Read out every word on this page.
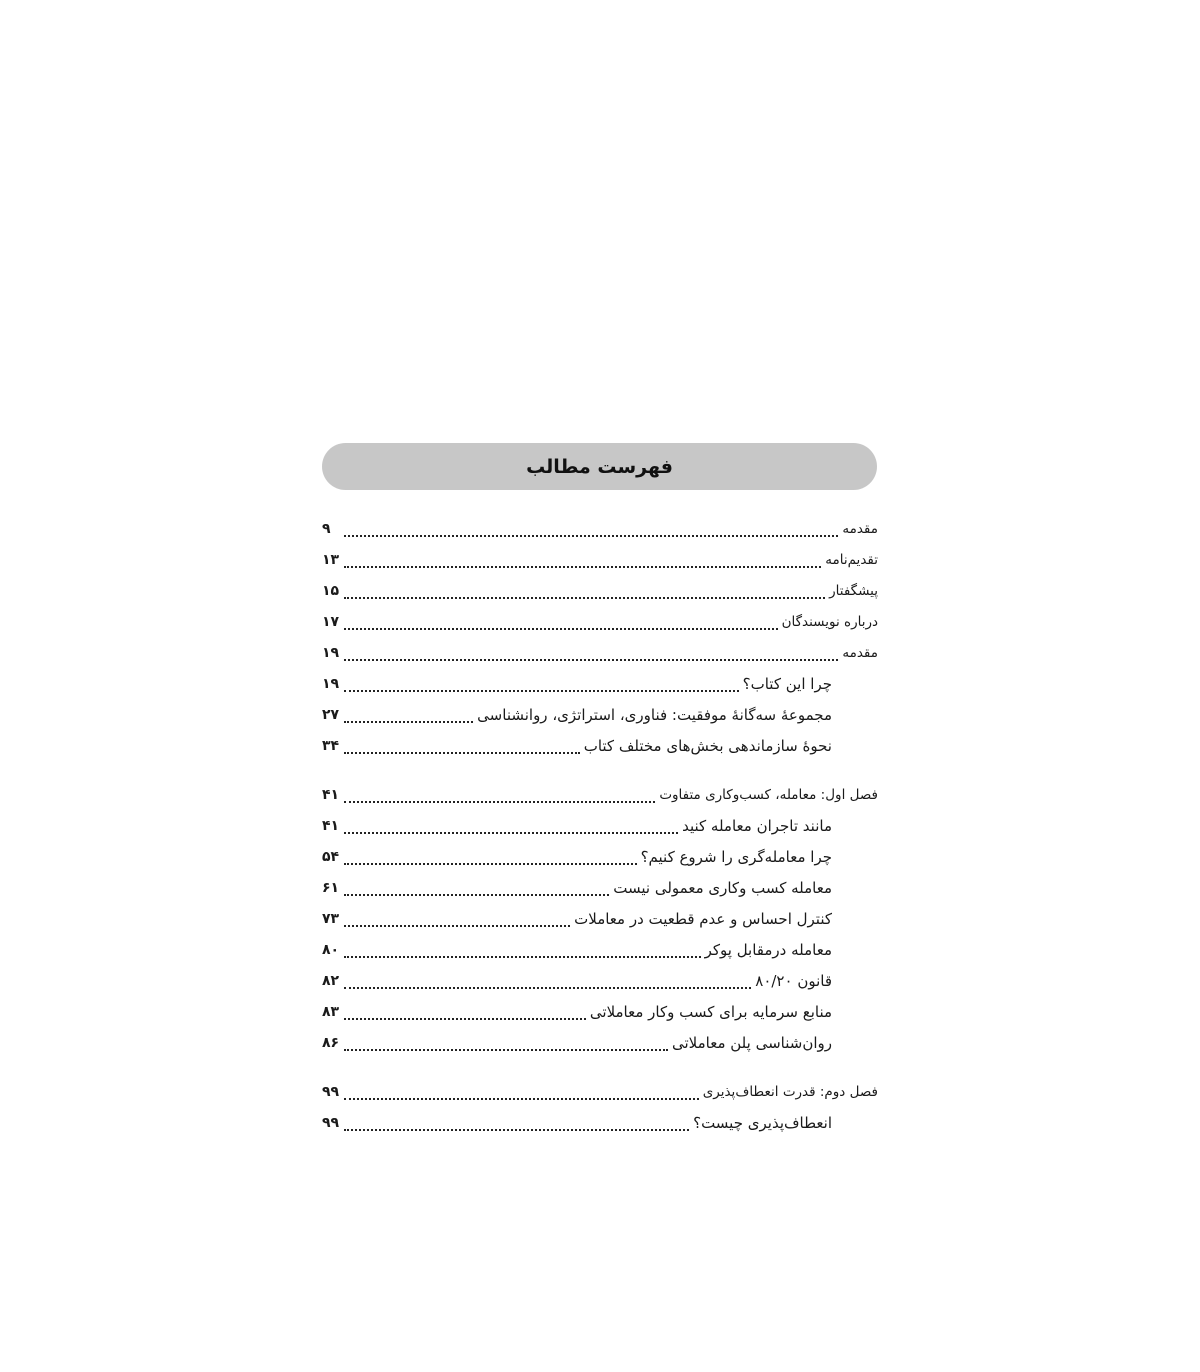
فهرست مطالب
مقدمه
۹
تقدیم‌نامه
۱۳
پیشگفتار
۱۵
درباره نویسندگان
۱۷
مقدمه
۱۹
چرا این کتاب؟
۱۹
مجموعهٔ سه‌گانهٔ موفقیت: فناوری، استراتژی، روانشناسی
۲۷
نحوهٔ سازماندهی بخش‌های مختلف کتاب
۳۴
فصل اول: معامله، کسب‌وکاری متفاوت
۴۱
مانند تاجران معامله کنید
۴۱
چرا معامله‌گری را شروع کنیم؟
۵۴
معامله کسب وکاری معمولی نیست
۶۱
کنترل احساس و عدم قطعیت در معاملات
۷۳
معامله درمقابل پوکر
۸۰
قانون ۸۰/۲۰
۸۲
منابع سرمایه برای کسب وکار معاملاتی
۸۳
روان‌شناسی پلن معاملاتی
۸۶
فصل دوم: قدرت انعطاف‌پذیری
۹۹
انعطاف‌پذیری چیست؟
۹۹
